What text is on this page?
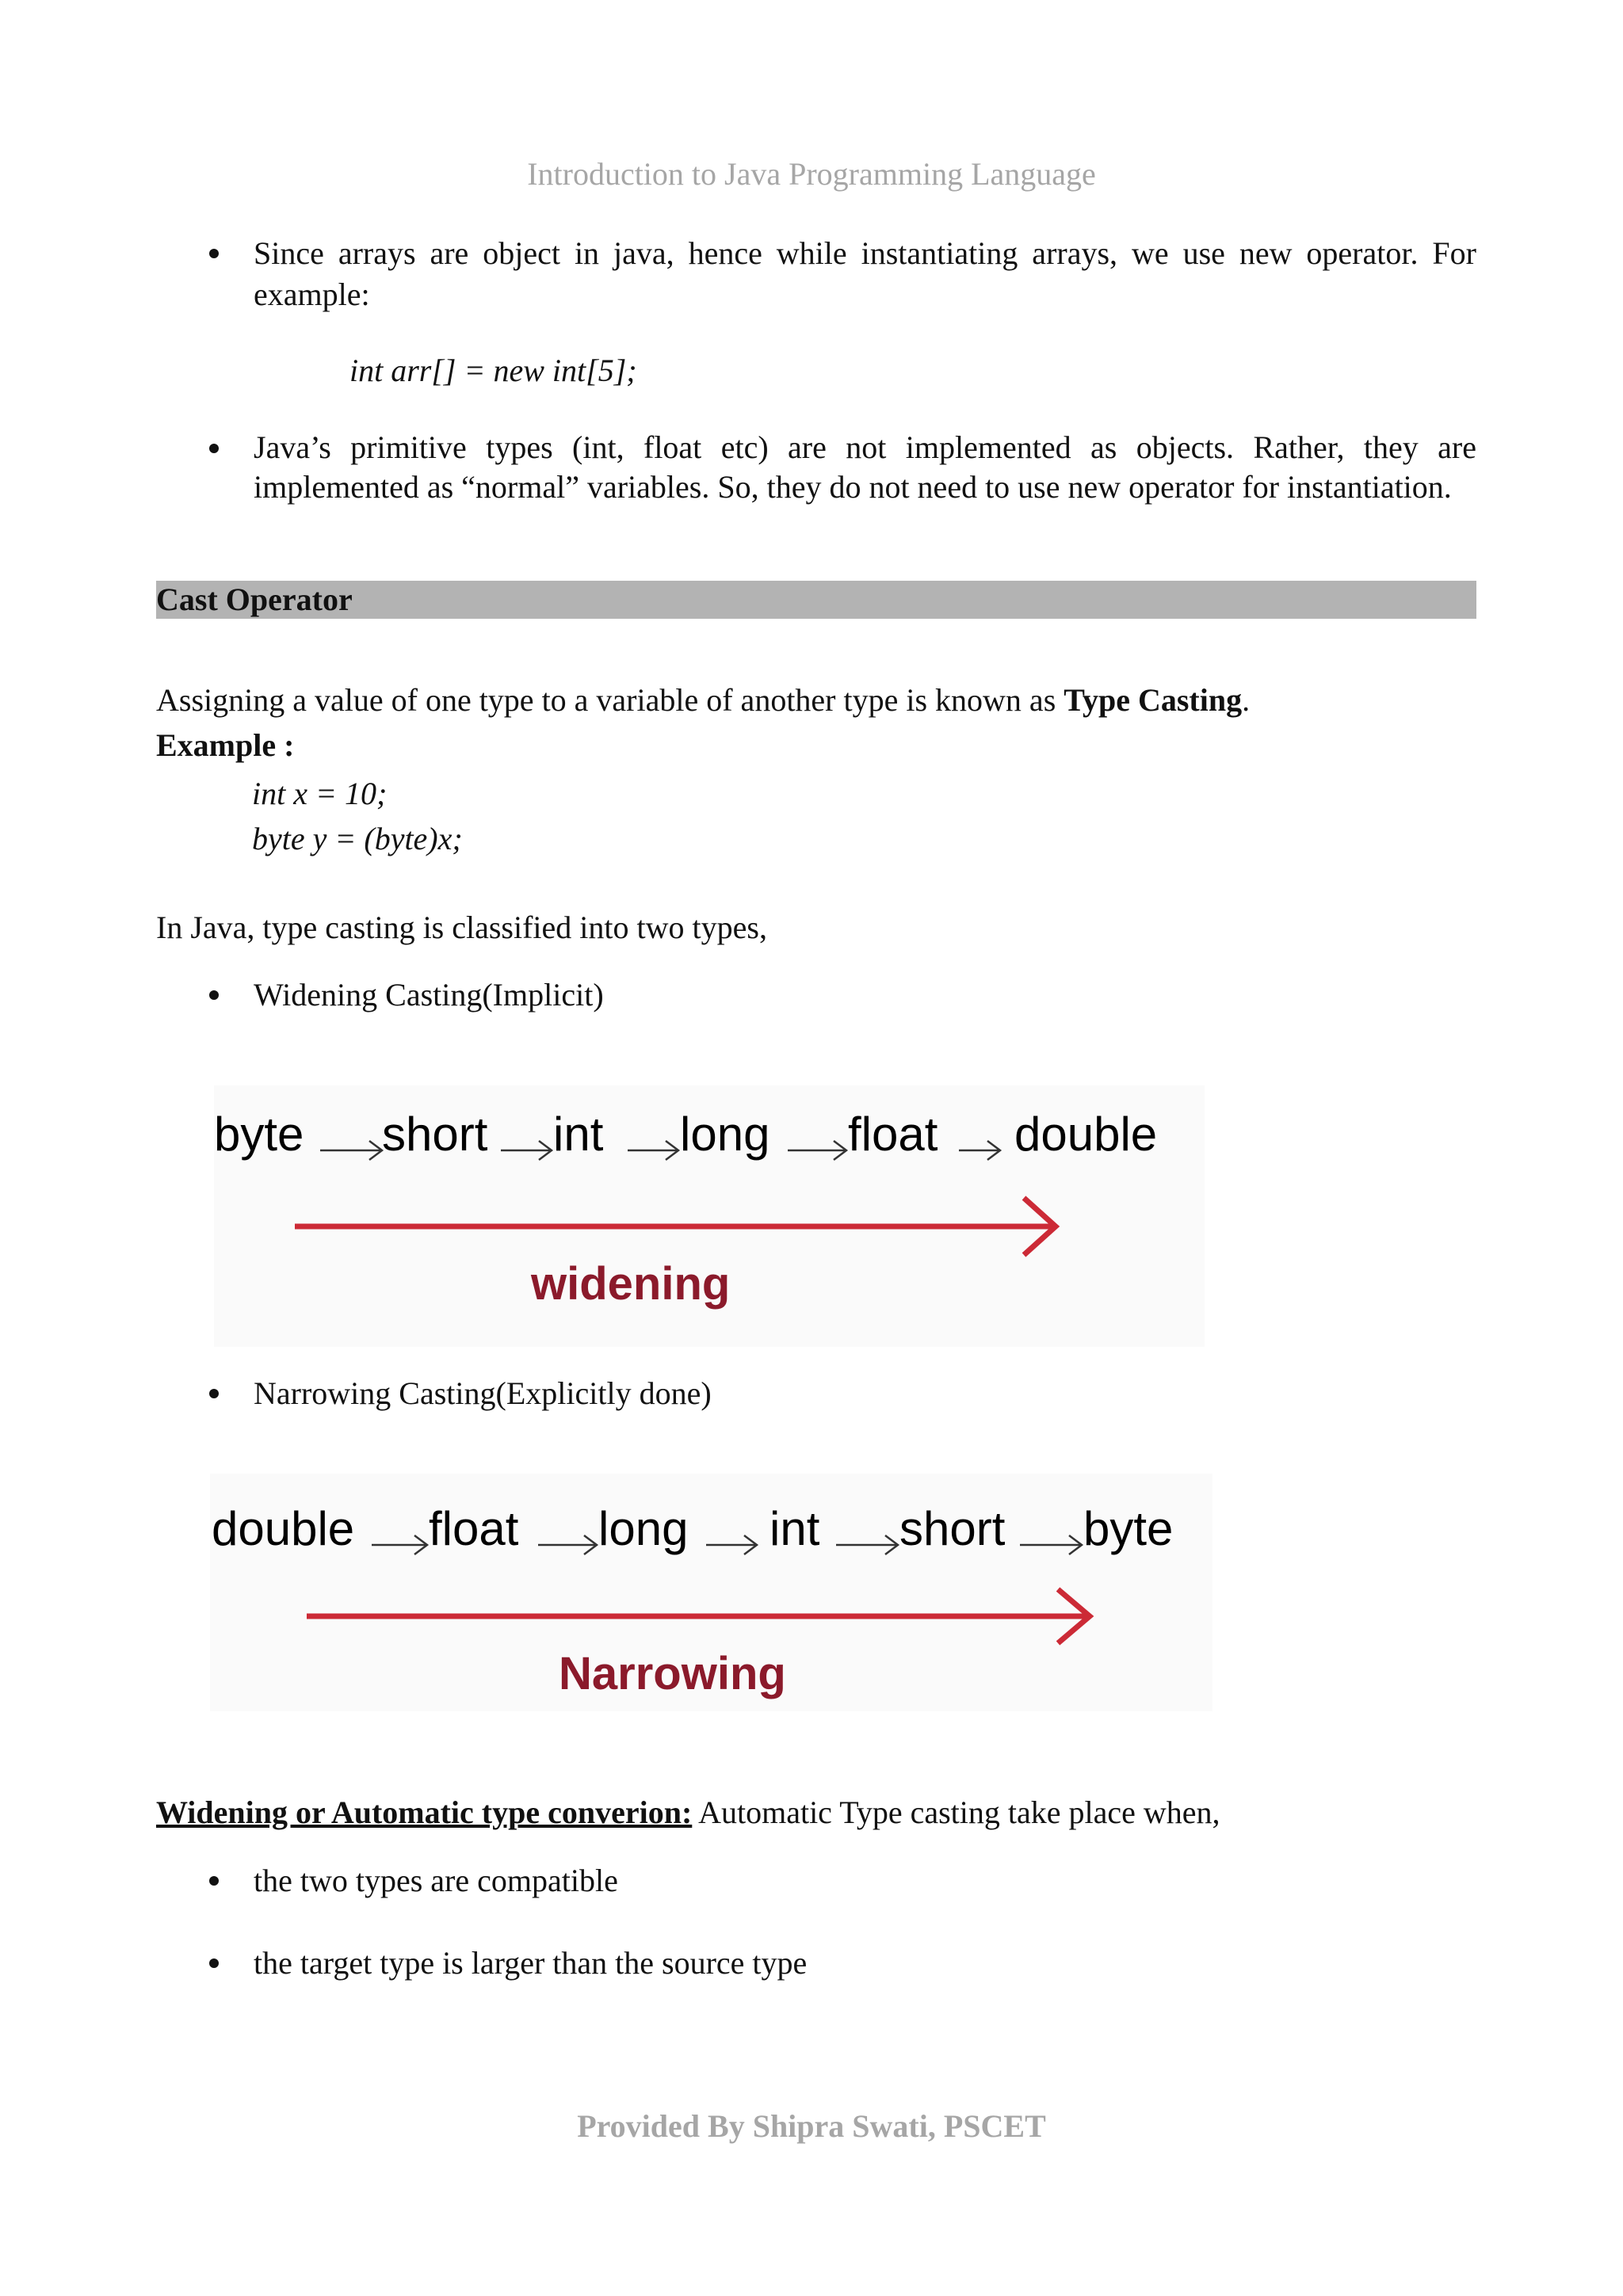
Introduction to Java Programming Language
Since arrays are object in java, hence while instantiating arrays, we use new operator. For example:
int arr[] = new int[5];
Java’s primitive types (int, float etc) are not implemented as objects. Rather, they are implemented as “normal” variables. So, they do not need to use new operator for instantiation.
Cast Operator
Assigning a value of one type to a variable of another type is known as Type Casting.
Example :
int x = 10;
byte y = (byte)x;
In Java, type casting is classified into two types,
Widening Casting(Implicit)
byte short int long float double
widening
Narrowing Casting(Explicitly done)
double float long int short byte
Narrowing
Widening or Automatic type converion: Automatic Type casting take place when,
the two types are compatible
the target type is larger than the source type
Provided By Shipra Swati, PSCET
